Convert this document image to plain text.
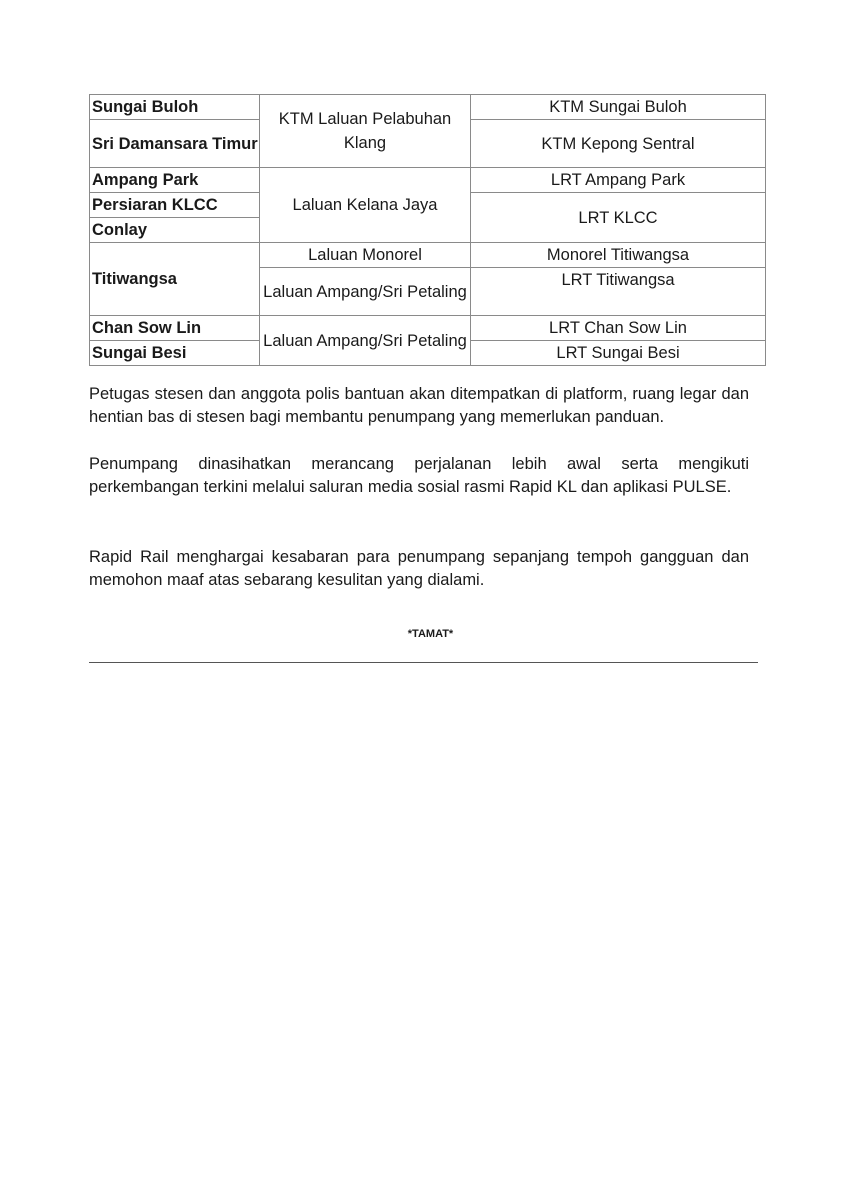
Sungai Buloh	KTM Laluan Pelabuhan Klang	KTM Sungai Buloh
Sri Damansara Timur		KTM Kepong Sentral
Ampang Park	Laluan Kelana Jaya	LRT Ampang Park
Persiaran KLCC		LRT KLCC
Conlay		
Titiwangsa	Laluan Monorel	Monorel Titiwangsa
	Laluan Ampang/Sri Petaling	LRT Titiwangsa
Chan Sow Lin	Laluan Ampang/Sri Petaling	LRT Chan Sow Lin
Sungai Besi		LRT Sungai Besi

Petugas stesen dan anggota polis bantuan akan ditempatkan di platform, ruang legar dan hentian bas di stesen bagi membantu penumpang yang memerlukan panduan.

Penumpang dinasihatkan merancang perjalanan lebih awal serta mengikuti perkembangan terkini melalui saluran media sosial rasmi Rapid KL dan aplikasi PULSE.

Rapid Rail menghargai kesabaran para penumpang sepanjang tempoh gangguan dan memohon maaf atas sebarang kesulitan yang dialami.

*TAMAT*
